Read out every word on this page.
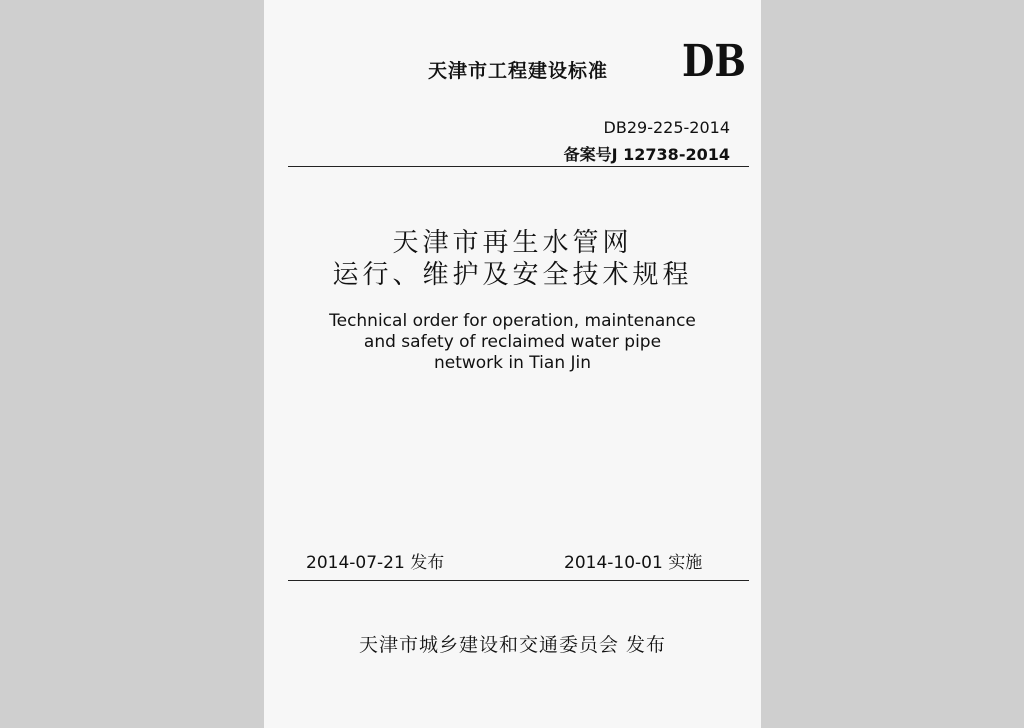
天津市工程建设标准 DB
DB29-225-2014
备案号J 12738-2014
天津市再生水管网
运行、维护及安全技术规程
Technical order for operation, maintenance
and safety of reclaimed water pipe
network in Tian Jin
2014-07-21 发布	2014-10-01 实施
天津市城乡建设和交通委员会 发布
